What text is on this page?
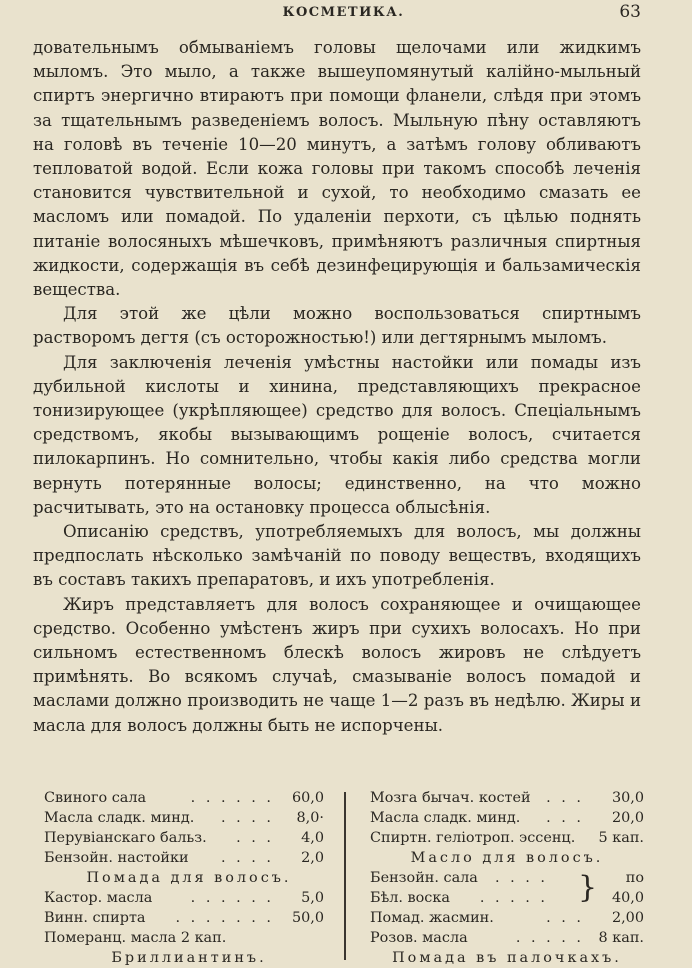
КОСМЕТИКА.	63

довательнымъ обмываніемъ головы щелочами или жидкимъ мыломъ. Это мыло, а также вышеупомянутый калійно-мыльный спиртъ энергично втираютъ при помощи фланели, слѣдя при этомъ за тщательнымъ разведеніемъ волосъ. Мыльную пѣну оставляютъ на головѣ въ теченіе 10—20 минутъ, а затѣмъ голову обливаютъ тепловатой водой. Если кожа головы при такомъ способѣ леченія становится чувствительной и сухой, то необходимо смазать ее масломъ или помадой. По удаленіи перхоти, съ цѣлью поднять питаніе волосяныхъ мѣшечковъ, примѣняютъ различныя спиртныя жидкости, содержащія въ себѣ дезинфецирующія и бальзамическія вещества.

Для этой же цѣли можно воспользоваться спиртнымъ растворомъ дегтя (съ осторожностью!) или дегтярнымъ мыломъ.

Для заключенія леченія умѣстны настойки или помады изъ дубильной кислоты и хинина, представляющихъ прекрасное тонизирующее (укрѣпляющее) средство для волосъ. Спеціальнымъ средствомъ, якобы вызывающимъ рощеніе волосъ, считается пилокарпинъ. Но сомнительно, чтобы какія либо средства могли вернуть потерянные волосы; единственно, на что можно расчитывать, это на остановку процесса облысѣнія.

Описанію средствъ, употребляемыхъ для волосъ, мы должны предпослать нѣсколько замѣчаній по поводу веществъ, входящихъ въ составъ такихъ препаратовъ, и ихъ употребленія.

Жиръ представляетъ для волосъ сохраняющее и очищающее средство. Особенно умѣстенъ жиръ при сухихъ волосахъ. Но при сильномъ естественномъ блескѣ волосъ жировъ не слѣдуетъ примѣнять. Во всякомъ случаѣ, смазываніе волосъ помадой и маслами должно производить не чаще 1—2 разъ въ недѣлю. Жиры и масла для волосъ должны быть не испорчены.

Свиного сала	. . . . . . 60,0
Масла сладк. минд. . . . . 8,0·
Перувіанскаго бальз. . . . 4,0
Бензойн. настойки . . . . 2,0
Помада для волосъ.
Кастор. масла	. . . . . . 5,0
Винн. спирта . . . . . . . 50,0
Померанц. масла 2 кап.
Бриллиантинъ.
Мозга бычач. костей . . . 30,0
Масла сладк. минд. . . . 20,0
Спиртн. геліотроп. эссенц. 5 кап.
Масло для волосъ.
Бензойн. сала . . . . } по
Бѣл. воска . . . . .	40,0
Помад. жасмин.	. . . 2,00
Розов. масла	. . . . . 8 кап.
Помада въ палочкахъ.
